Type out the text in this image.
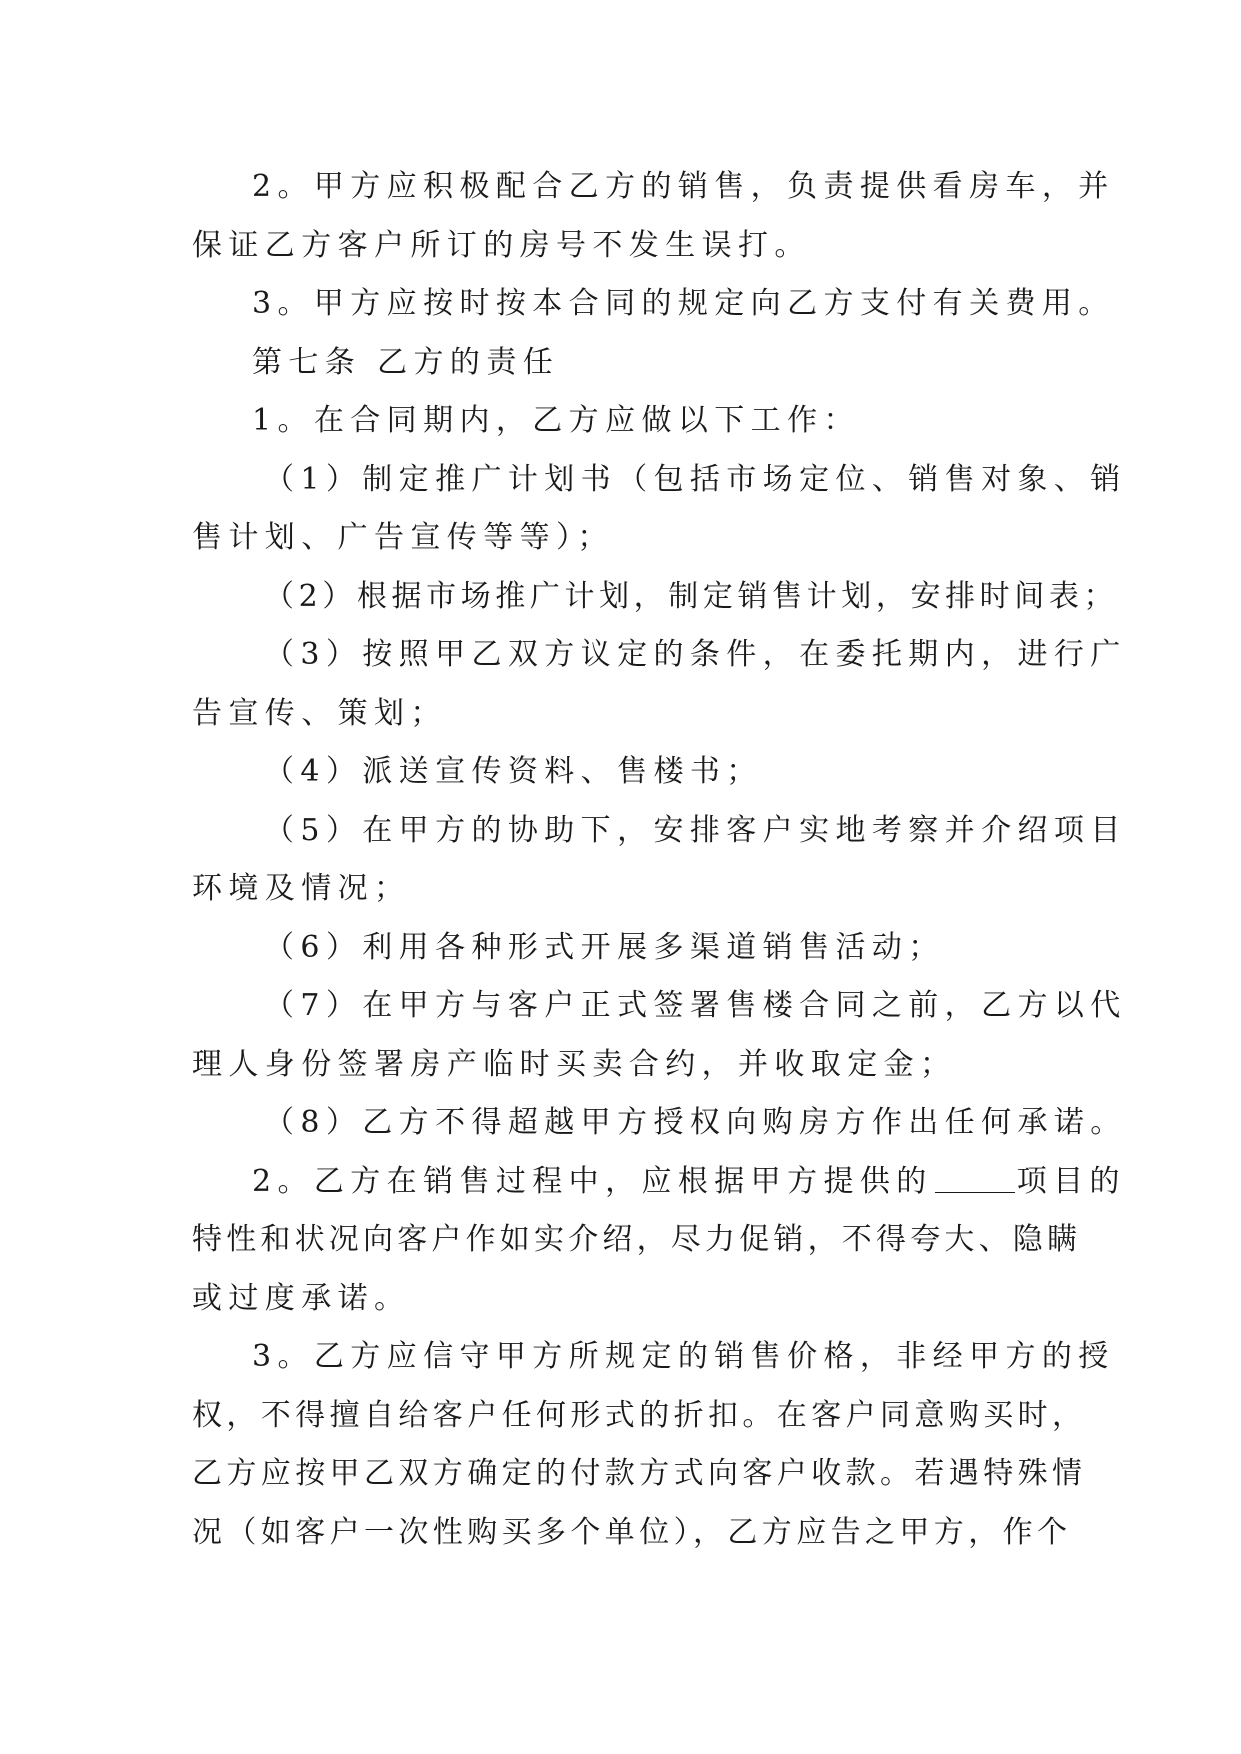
2。甲方应积极配合乙方的销售，负责提供看房车，并
保证乙方客户所订的房号不发生误打。
3。甲方应按时按本合同的规定向乙方支付有关费用。
第七条 乙方的责任
1。在合同期内，乙方应做以下工作：
（1）制定推广计划书（包括市场定位、销售对象、销
售计划、广告宣传等等）；
（2）根据市场推广计划，制定销售计划，安排时间表；
（3）按照甲乙双方议定的条件，在委托期内，进行广
告宣传、策划；
（4）派送宣传资料、售楼书；
（5）在甲方的协助下，安排客户实地考察并介绍项目
环境及情况；
（6）利用各种形式开展多渠道销售活动；
（7）在甲方与客户正式签署售楼合同之前，乙方以代
理人身份签署房产临时买卖合约，并收取定金；
（8）乙方不得超越甲方授权向购房方作出任何承诺。
2。乙方在销售过程中，应根据甲方提供的	项目的
特性和状况向客户作如实介绍，尽力促销，不得夸大、隐瞒
或过度承诺。
3。乙方应信守甲方所规定的销售价格，非经甲方的授
权，不得擅自给客户任何形式的折扣。在客户同意购买时，
乙方应按甲乙双方确定的付款方式向客户收款。若遇特殊情
况（如客户一次性购买多个单位），乙方应告之甲方，作个
